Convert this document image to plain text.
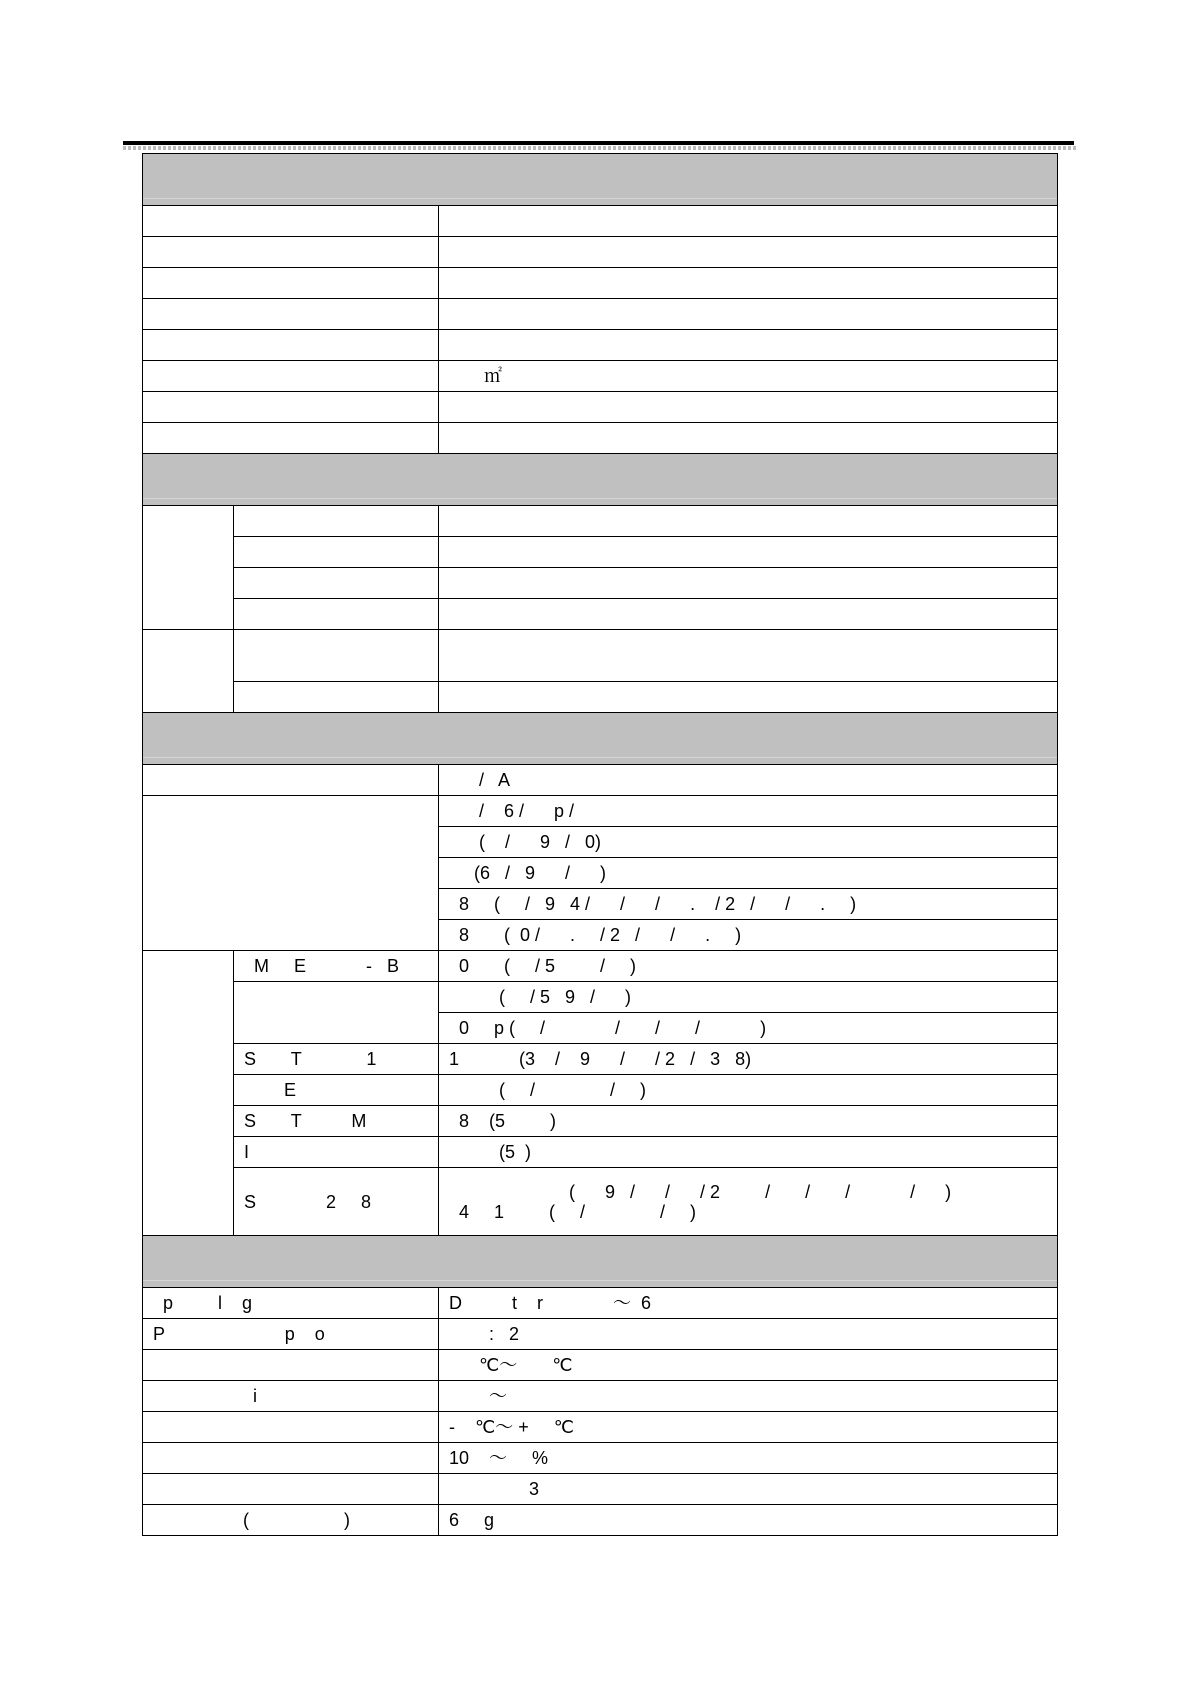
		㎡

		/   A
		/    6 /      p /
		(    /      9   /   0)
		(6   /   9      /      )
		8     (     /   9   4 /      /      /      .    / 2   /      /      .     )
		8       (  0 /      .     / 2   /      /      .     )
	M     E            -   B	0       (     / 5         /     )
		(     / 5   9   /      )
		0     p (     /              /       /       /            )
	S       T             1	1            (3    /    9      /      / 2   /   3   8)
	E	(     /               /     )
	S       T          M	8    (5         )
	I	(5  )
	S              2     8	(      9   /      /      / 2         /       /       /            /      )
4     1         (     /               /     )

p         l    g		D          t    r              ～  6
P                        p    o		:   2
		℃～       ℃
i		～
		-    ℃～ +     ℃
		10    ～     %
		3
(                   )		6     g
